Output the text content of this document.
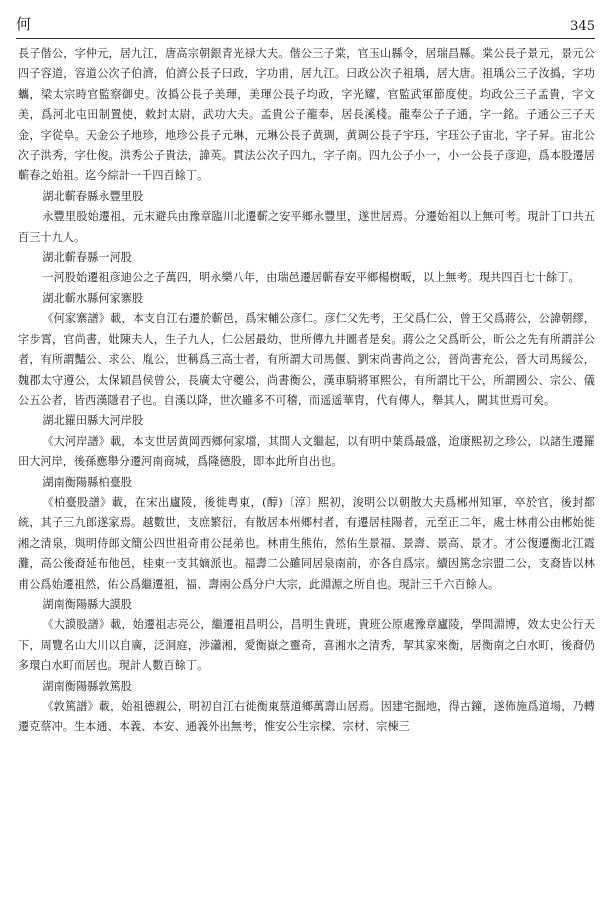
何	345

長子偕公，字仲元，居九江，唐高宗朝銀青光禄大夫。偕公三子棠，官玉山縣令，居瑞昌縣。棠公長子景元，景元公四子容道，容道公次子伯濟，伯濟公長子曰政，字功甫，居九江。曰政公次子祖瑀，居大唐。祖瑀公三子汝撝，字功蠵，梁太宗時官監察御史。汝撝公長子美琿，美琿公長子均政，字光耀，官監武軍節度使。均政公三子孟貴，字文美，爲河北屯田制置使，敕封太尉，武功大夫。孟貴公子龍奉，居長溪棧。龍奉公子子通，字一銘。子通公三子天金，字從阜。天金公子地珍，地珍公長子元琳，元琳公長子黄琱，黄琱公長子宇珏，宇珏公子宙北，字子昇。宙北公次子洪秀，字仕俊。洪秀公子貴法，諱英。貫法公次子四九，字子南。四九公子小一，小一公長子彦迎，爲本股遷居蘄春之始祖。迄今綜計一千四百餘丁。

湖北蘄春縣永豐里股

永豐里股始遷祖，元末避兵由豫章臨川北遷蘄之安平鄉永豐里，遂世居焉。分遷始祖以上無可考。現計丁口共五百三十九人。

湖北蘄春縣一河股

一河股始遷祖彦迪公之子萬四，明永樂八年，由瑞邑遷居蘄春安平鄉楊樹畈，以上無考。現共四百七十餘丁。

湖北蘄水縣何家寨股

《何家寨譜》載，本支自江右遷於蘄邑，爲宋輔公彦仁。彦仁父先考，王父爲仁公，曾王父爲蔣公，公諱朝繆，字步霄，官尚書，妣陳夫人，生子九人，仁公居最幼，世所傳九井圖者是矣。蔣公之父爲昕公，昕公之先有所謂詳公者，有所謂豔公、求公、胤公，世稱爲三高士者，有所謂大司馬偃、劉宋尚書尚之公，晉尚書充公，晉大司馬綏公，魏郡太守遵公，太保穎昌侯曾公，長廣太守夔公，尚書衡公，漢車騎將軍熙公，有所謂比干公，所謂國公、宗公、儀公五公者，皆西漢隱君子也。自漢以降，世次雖多不可稽，而遥遥華胄，代有傳人，舉其人，闕其世焉可矣。

湖北羅田縣大河岸股

《大河岸譜》載，本支世居黄岡西鄉何家壋，其間人文繼起，以有明中葉爲最盛，迨康熙初之珍公，以諸生遷羅田大河岸，後孫應舉分遷河南商城，爲隆德股，即本此所自出也。

湖南衡陽縣柏臺股

《柏臺股譜》載，在宋出廬陵，後徙粤東，(醇)〔淳〕熙初，浚明公以朝散大夫爲郴州知軍，卒於官，後封都統，其子三九郎遂家焉。越數世，支庶繁衍，有散居本州鄉村者，有遷居桂陽者，元至正二年，處士林甫公由郴始徙湘之清泉，與明侍郎文簡公四世祖奇甫公昆弟也。林甫生熊佑，然佑生景福、景壽、景高、景才。才公復遷衡北江霞灘，高公後裔延布他邑，桂東一支其嫡派也。福壽二公雖同居泉南前，亦各自爲宗。續因篤念宗盟二公，支裔皆以林甫公爲始遷祖然，佑公爲繼遷祖，福、壽兩公爲分户大宗，此淵源之所自也。現計三千六百餘人。

湖南衡陽縣大謨股

《大謨股譜》載，始遷祖志亮公，繼遷祖昌明公，昌明生貴班，貴班公原處豫章廬陵，學問淵博，效太史公行天下，周覽名山大川以自廣，泛洞庭，涉瀟湘，愛衡嶽之靈奇，喜湘水之清秀，挈其家來衡，居衡南之白水町，後裔仍多環白水町而居也。現計人數百餘丁。

湖南衡陽縣敦篤股

《敦篤譜》載，始祖德親公，明初自江右徙衡東蔡道鄉萬壽山居焉。因建宅掘地，得古鐘，遂佈施爲道場，乃轉遷克蔡冲。生本通、本義、本安、通義外出無考，惟安公生宗樑、宗材、宗棟三
